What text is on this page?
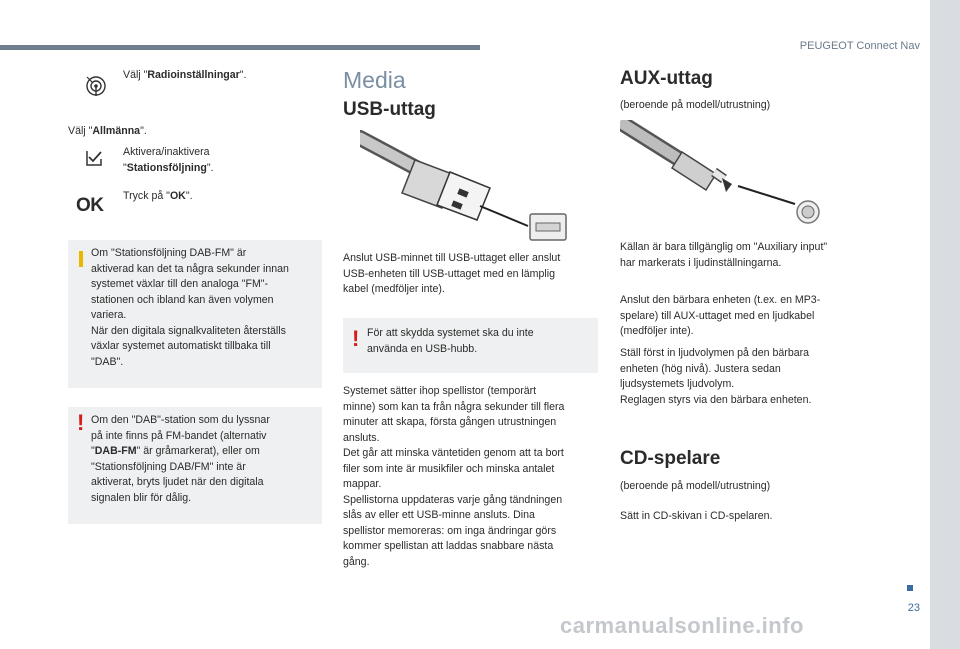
PEUGEOT Connect Nav
23
Välj "Radioinställningar".
Välj "Allmänna".
Aktivera/inaktivera
"Stationsföljning".
OK Tryck på "OK".
Om "Stationsföljning DAB-FM" är
aktiverad kan det ta några sekunder innan
systemet växlar till den analoga "FM"-
stationen och ibland kan även volymen
variera.
När den digitala signalkvaliteten återställs
växlar systemet automatiskt tillbaka till
"DAB".
! Om den "DAB"-station som du lyssnar
på inte finns på FM-bandet (alternativ
"DAB-FM" är gråmarkerat), eller om
"Stationsföljning DAB/FM" inte är
aktiverat, bryts ljudet när den digitala
signalen blir för dålig.
Media
USB-uttag
Anslut USB-minnet till USB-uttaget eller anslut
USB-enheten till USB-uttaget med en lämplig
kabel (medföljer inte).
! För att skydda systemet ska du inte
använda en USB-hubb.
Systemet sätter ihop spellistor (temporärt
minne) som kan ta från några sekunder till flera
minuter att skapa, första gången utrustningen
ansluts.
Det går att minska väntetiden genom att ta bort
filer som inte är musikfiler och minska antalet
mappar.
Spellistorna uppdateras varje gång tändningen
slås av eller ett USB-minne ansluts. Dina
spellistor memoreras: om inga ändringar görs
kommer spellistan att laddas snabbare nästa
gång.
AUX-uttag
(beroende på modell/utrustning)
Källan är bara tillgänglig om "Auxiliary input"
har markerats i ljudinställningarna.
Anslut den bärbara enheten (t.ex. en MP3-
spelare) till AUX-uttaget med en ljudkabel
(medföljer inte).
Ställ först in ljudvolymen på den bärbara
enheten (hög nivå). Justera sedan
ljudsystemets ljudvolym.
Reglagen styrs via den bärbara enheten.
CD-spelare
(beroende på modell/utrustning)
Sätt in CD-skivan i CD-spelaren.
carmanualsonline.info
